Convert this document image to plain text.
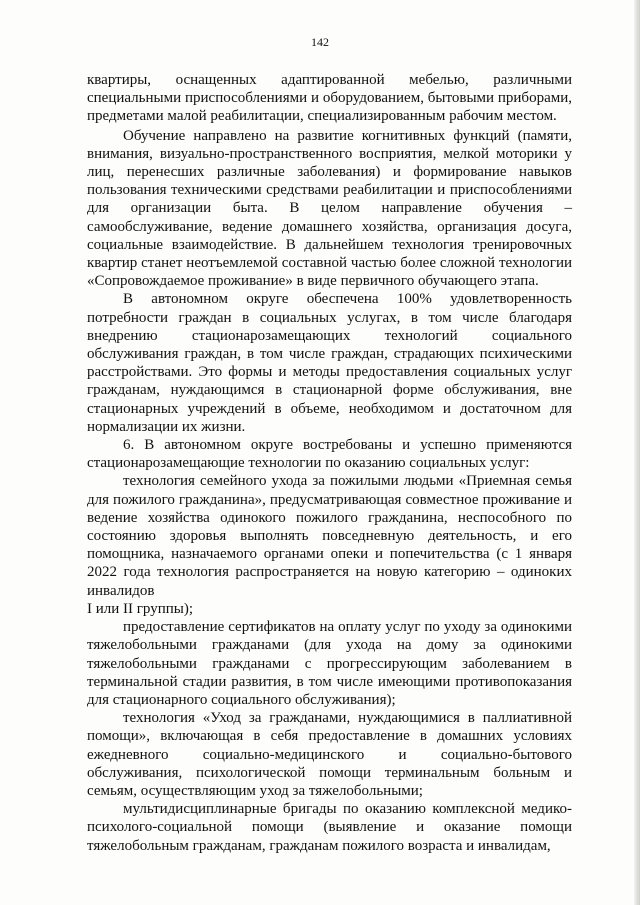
142

квартиры, оснащенных адаптированной мебелью, различными специальными приспособлениями и оборудованием, бытовыми приборами, предметами малой реабилитации, специализированным рабочим местом.

Обучение направлено на развитие когнитивных функций (памяти, внимания, визуально-пространственного восприятия, мелкой моторики у лиц, перенесших различные заболевания) и формирование навыков пользования техническими средствами реабилитации и приспособлениями для организации быта. В целом направление обучения – самообслуживание, ведение домашнего хозяйства, организация досуга, социальные взаимодействие. В дальнейшем технология тренировочных квартир станет неотъемлемой составной частью более сложной технологии «Сопровождаемое проживание» в виде первичного обучающего этапа.

В автономном округе обеспечена 100% удовлетворенность потребности граждан в социальных услугах, в том числе благодаря внедрению стационарозамещающих технологий социального обслуживания граждан, в том числе граждан, страдающих психическими расстройствами. Это формы и методы предоставления социальных услуг гражданам, нуждающимся в стационарной форме обслуживания, вне стационарных учреждений в объеме, необходимом и достаточном для нормализации их жизни.

6. В автономном округе востребованы и успешно применяются стационарозамещающие технологии по оказанию социальных услуг:

технология семейного ухода за пожилыми людьми «Приемная семья для пожилого гражданина», предусматривающая совместное проживание и ведение хозяйства одинокого пожилого гражданина, неспособного по состоянию здоровья выполнять повседневную деятельность, и его помощника, назначаемого органами опеки и попечительства (с 1 января 2022 года технология распространяется на новую категорию – одиноких инвалидов

I или II группы);

предоставление сертификатов на оплату услуг по уходу за одинокими тяжелобольными гражданами (для ухода на дому за одинокими тяжелобольными гражданами с прогрессирующим заболеванием в терминальной стадии развития, в том числе имеющими противопоказания для стационарного социального обслуживания);

технология «Уход за гражданами, нуждающимися в паллиативной помощи», включающая в себя предоставление в домашних условиях ежедневного социально-медицинского и социально-бытового обслуживания, психологической помощи терминальным больным и семьям, осуществляющим уход за тяжелобольными;

мультидисциплинарные бригады по оказанию комплексной медико-психолого-социальной помощи (выявление и оказание помощи тяжелобольным гражданам, гражданам пожилого возраста и инвалидам,
